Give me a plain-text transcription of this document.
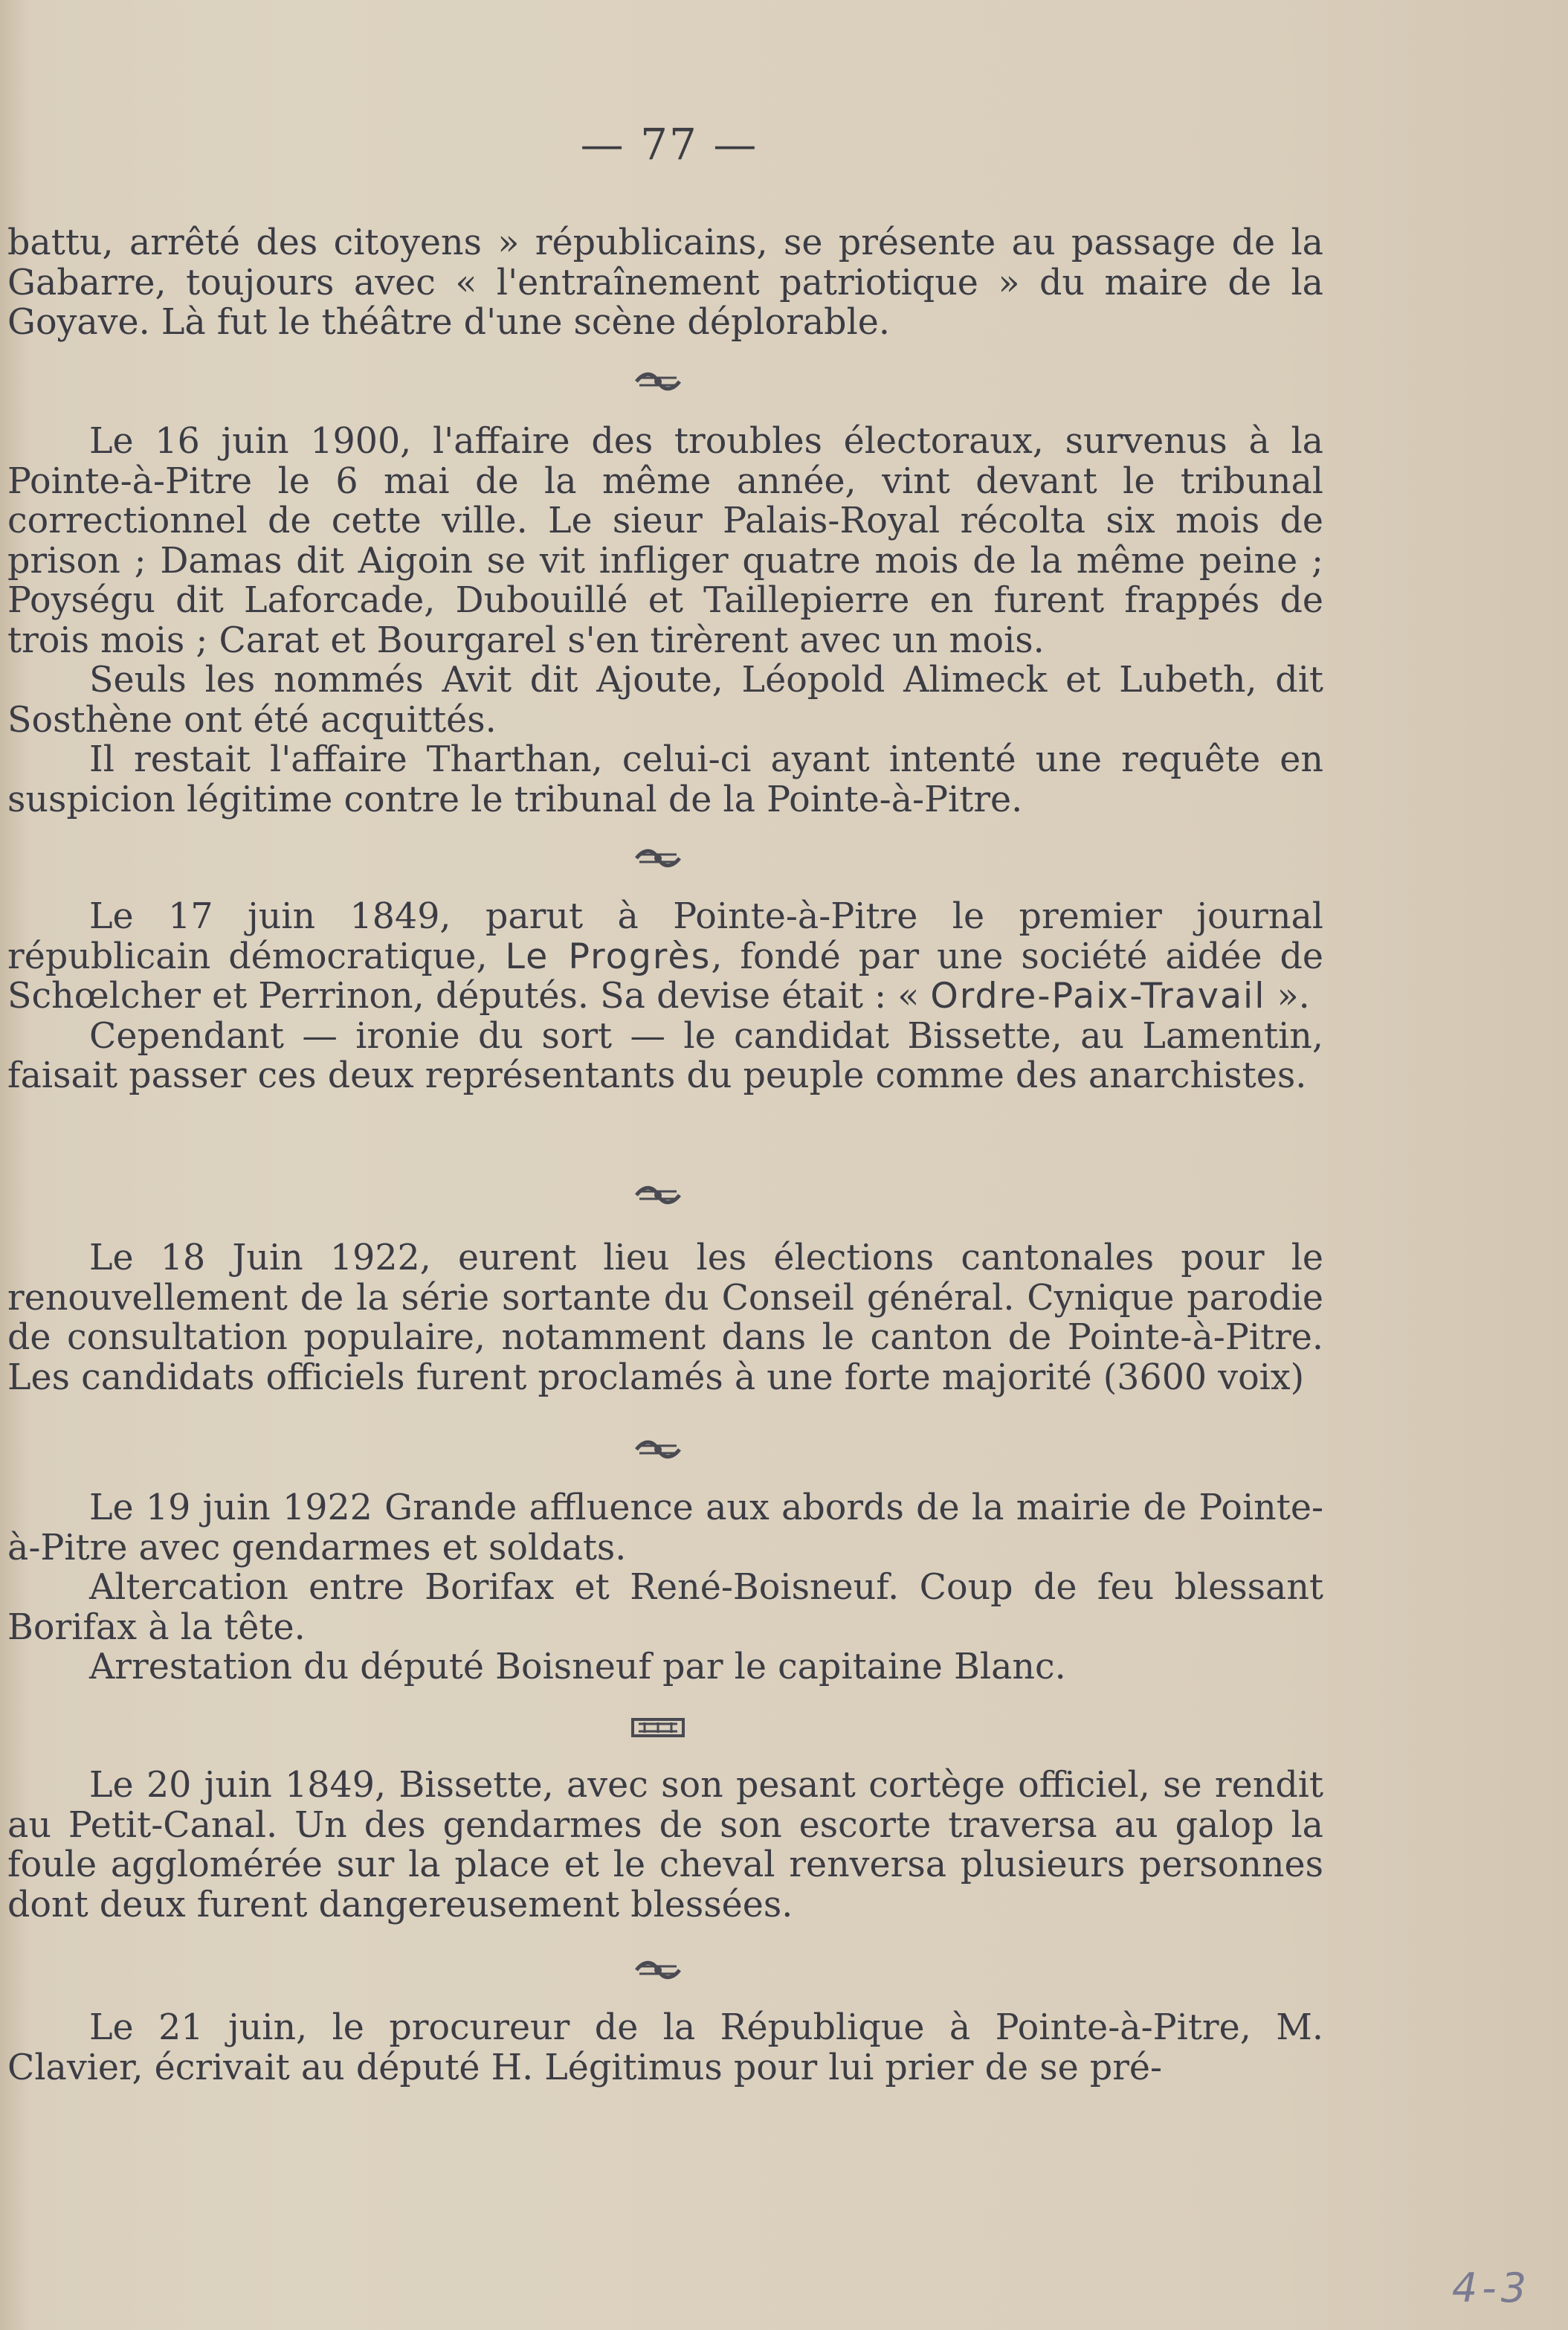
— 77 —

battu, arrêté des citoyens » républicains, se présente au passage de la Gabarre, toujours avec « l'entraînement patriotique » du maire de la Goyave. Là fut le théâtre d'une scène déplorable.

Le 16 juin 1900, l'affaire des troubles électoraux, survenus à la Pointe-à-Pitre le 6 mai de la même année, vint devant le tribunal correctionnel de cette ville. Le sieur Palais-Royal récolta six mois de prison ; Damas dit Aigoin se vit infliger quatre mois de la même peine ; Poységu dit Laforcade, Dubouillé et Taillepierre en furent frappés de trois mois ; Carat et Bourgarel s'en tirèrent avec un mois.

Seuls les nommés Avit dit Ajoute, Léopold Alimeck et Lubeth, dit Sosthène ont été acquittés.

Il restait l'affaire Tharthan, celui-ci ayant intenté une requête en suspicion légitime contre le tribunal de la Pointe-à-Pitre.

Le 17 juin 1849, parut à Pointe-à-Pitre le premier journal républicain démocratique, Le Progrès, fondé par une société aidée de Schœlcher et Perrinon, députés. Sa devise était : « Ordre-Paix-Travail ».

Cependant — ironie du sort — le candidat Bissette, au Lamentin, faisait passer ces deux représentants du peuple comme des anarchistes.

Le 18 Juin 1922, eurent lieu les élections cantonales pour le renouvellement de la série sortante du Conseil général. Cynique parodie de consultation populaire, notamment dans le canton de Pointe-à-Pitre. Les candidats officiels furent proclamés à une forte majorité (3600 voix)

Le 19 juin 1922 Grande affluence aux abords de la mairie de Pointe-à-Pitre avec gendarmes et soldats.

Altercation entre Borifax et René-Boisneuf. Coup de feu blessant Borifax à la tête.

Arrestation du député Boisneuf par le capitaine Blanc.

Le 20 juin 1849, Bissette, avec son pesant cortège officiel, se rendit au Petit-Canal. Un des gendarmes de son escorte traversa au galop la foule agglomérée sur la place et le cheval renversa plusieurs personnes dont deux furent dangereusement blessées.

Le 21 juin, le procureur de la République à Pointe-à-Pitre, M. Clavier, écrivait au député H. Légitimus pour lui prier de se pré-

4-3
